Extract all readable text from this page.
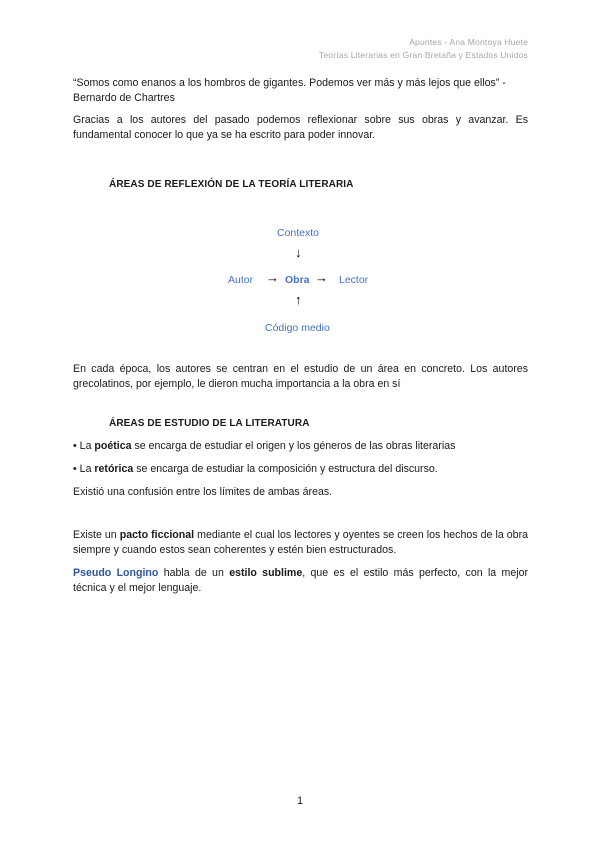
Apuntes - Ana Montoya Huete
Teorías Literarias en Gran Bretaña y Estados Unidos

“Somos como enanos a los hombros de gigantes. Podemos ver más y más lejos que ellos” - Bernardo de Chartres

Gracias a los autores del pasado podemos reflexionar sobre sus obras y avanzar. Es fundamental conocer lo que ya se ha escrito para poder innovar.

ÁREAS DE REFLEXIÓN DE LA TEORÍA LITERARIA
Contexto
↓
Autor → Obra → Lector
↑
Código medio

En cada época, los autores se centran en el estudio de un área en concreto. Los autores grecolatinos, por ejemplo, le dieron mucha importancia a la obra en sí

ÁREAS DE ESTUDIO DE LA LITERATURA

• La poética se encarga de estudiar el origen y los géneros de las obras literarias

• La retórica se encarga de estudiar la composición y estructura del discurso.

Existió una confusión entre los límites de ambas áreas.

Existe un pacto ficcional mediante el cual los lectores y oyentes se creen los hechos de la obra siempre y cuando estos sean coherentes y estén bien estructurados.

Pseudo Longino habla de un estilo sublime, que es el estilo más perfecto, con la mejor técnica y el mejor lenguaje.

1
